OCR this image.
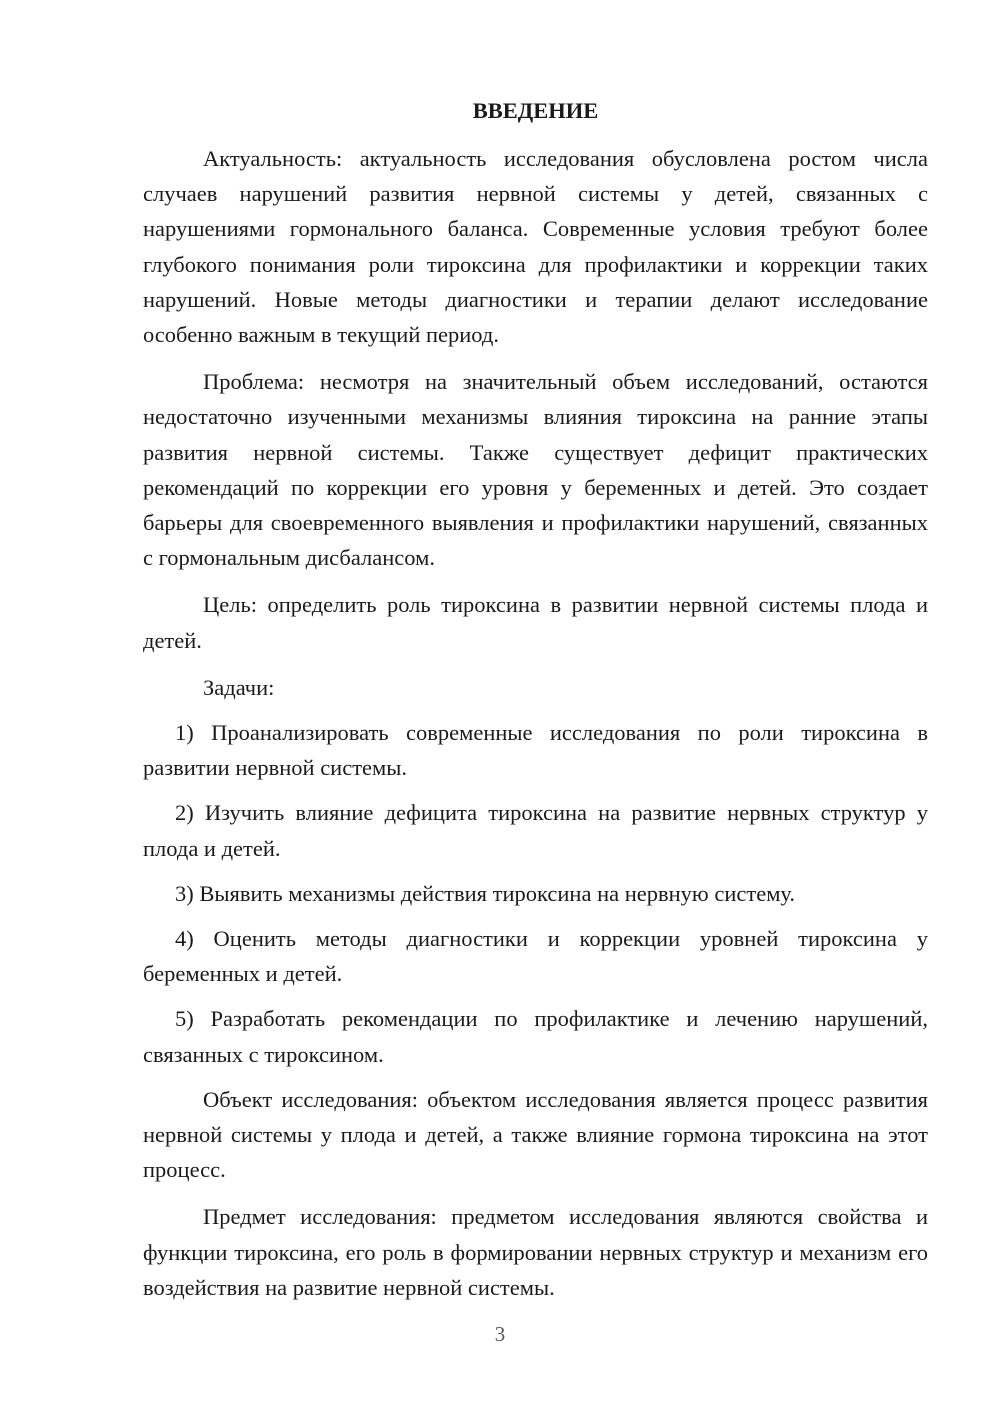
ВВЕДЕНИЕ

Актуальность: актуальность исследования обусловлена ростом числа случаев нарушений развития нервной системы у детей, связанных с нарушениями гормонального баланса. Современные условия требуют более глубокого понимания роли тироксина для профилактики и коррекции таких нарушений. Новые методы диагностики и терапии делают исследование особенно важным в текущий период.

Проблема: несмотря на значительный объем исследований, остаются недостаточно изученными механизмы влияния тироксина на ранние этапы развития нервной системы. Также существует дефицит практических рекомендаций по коррекции его уровня у беременных и детей. Это создает барьеры для своевременного выявления и профилактики нарушений, связанных с гормональным дисбалансом.

Цель: определить роль тироксина в развитии нервной системы плода и детей.

Задачи:

1) Проанализировать современные исследования по роли тироксина в развитии нервной системы.

2) Изучить влияние дефицита тироксина на развитие нервных структур у плода и детей.

3) Выявить механизмы действия тироксина на нервную систему.

4) Оценить методы диагностики и коррекции уровней тироксина у беременных и детей.

5) Разработать рекомендации по профилактике и лечению нарушений, связанных с тироксином.

Объект исследования: объектом исследования является процесс развития нервной системы у плода и детей, а также влияние гормона тироксина на этот процесс.

Предмет исследования: предметом исследования являются свойства и функции тироксина, его роль в формировании нервных структур и механизм его воздействия на развитие нервной системы.

3
